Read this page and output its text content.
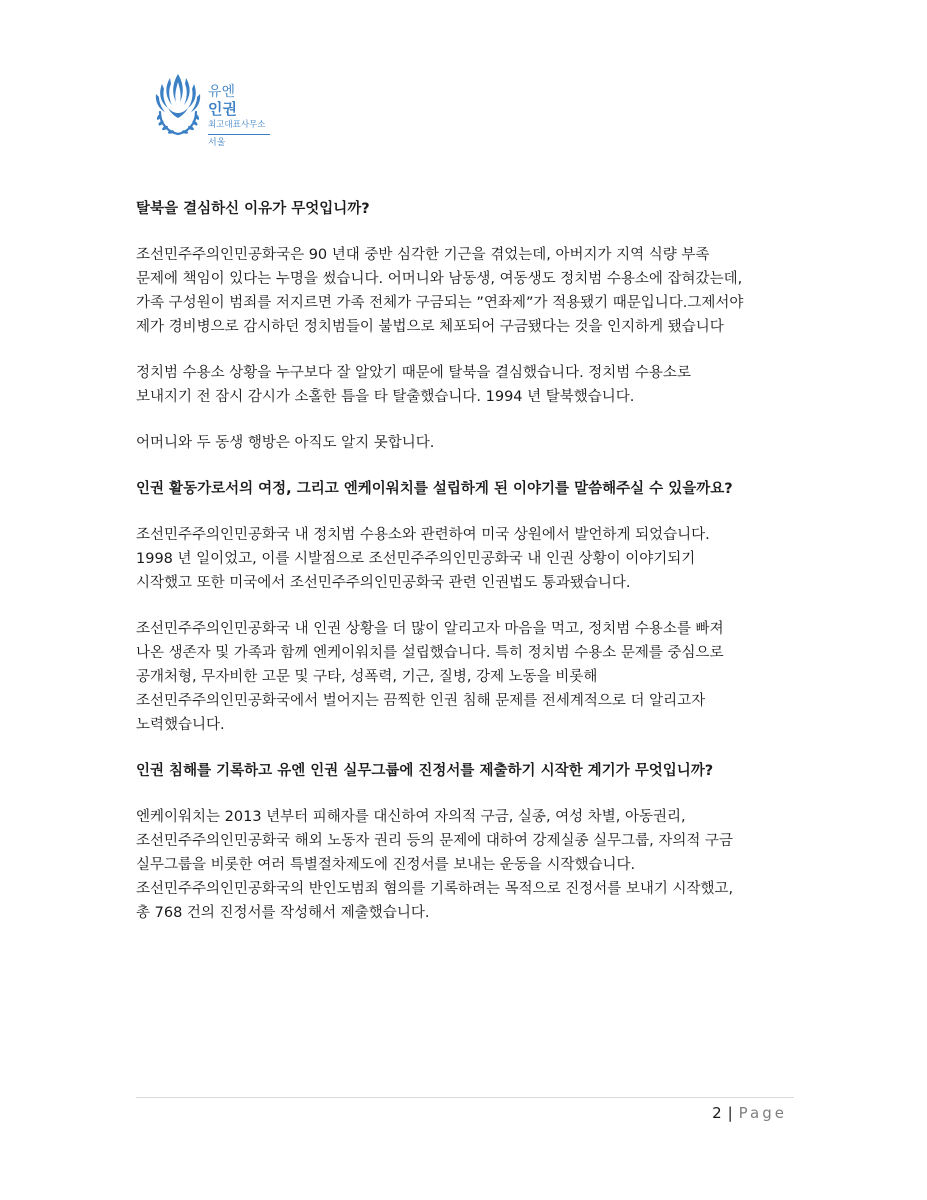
유엔
인권
최고대표사무소
서울

탈북을 결심하신 이유가 무엇입니까?

조선민주주의인민공화국은 90 년대 중반 심각한 기근을 겪었는데, 아버지가 지역 식량 부족
문제에 책임이 있다는 누명을 썼습니다. 어머니와 남동생, 여동생도 정치범 수용소에 잡혀갔는데,
가족 구성원이 범죄를 저지르면 가족 전체가 구금되는 ”연좌제”가 적용됐기 때문입니다.그제서야
제가 경비병으로 감시하던 정치범들이 불법으로 체포되어 구금됐다는 것을 인지하게 됐습니다

정치범 수용소 상황을 누구보다 잘 알았기 때문에 탈북을 결심했습니다. 정치범 수용소로
보내지기 전 잠시 감시가 소홀한 틈을 타 탈출했습니다. 1994 년 탈북했습니다.

어머니와 두 동생 행방은 아직도 알지 못합니다.

인권 활동가로서의 여정, 그리고 엔케이워치를 설립하게 된 이야기를 말씀해주실 수 있을까요?

조선민주주의인민공화국 내 정치범 수용소와 관련하여 미국 상원에서 발언하게 되었습니다.
1998 년 일이었고, 이를 시발점으로 조선민주주의인민공화국 내 인권 상황이 이야기되기
시작했고 또한 미국에서 조선민주주의인민공화국 관련 인권법도 통과됐습니다.

조선민주주의인민공화국 내 인권 상황을 더 많이 알리고자 마음을 먹고, 정치범 수용소를 빠져
나온 생존자 및 가족과 함께 엔케이워치를 설립했습니다. 특히 정치범 수용소 문제를 중심으로
공개처형, 무자비한 고문 및 구타, 성폭력, 기근, 질병, 강제 노동을 비롯해
조선민주주의인민공화국에서 벌어지는 끔찍한 인권 침해 문제를 전세계적으로 더 알리고자
노력했습니다.

인권 침해를 기록하고 유엔 인권 실무그룹에 진정서를 제출하기 시작한 계기가 무엇입니까?

엔케이워치는 2013 년부터 피해자를 대신하여 자의적 구금, 실종, 여성 차별, 아동권리,
조선민주주의인민공화국 해외 노동자 권리 등의 문제에 대하여 강제실종 실무그룹, 자의적 구금
실무그룹을 비롯한 여러 특별절차제도에 진정서를 보내는 운동을 시작했습니다.
조선민주주의인민공화국의 반인도범죄 혐의를 기록하려는 목적으로 진정서를 보내기 시작했고,
총 768 건의 진정서를 작성해서 제출했습니다.

2 | Page
